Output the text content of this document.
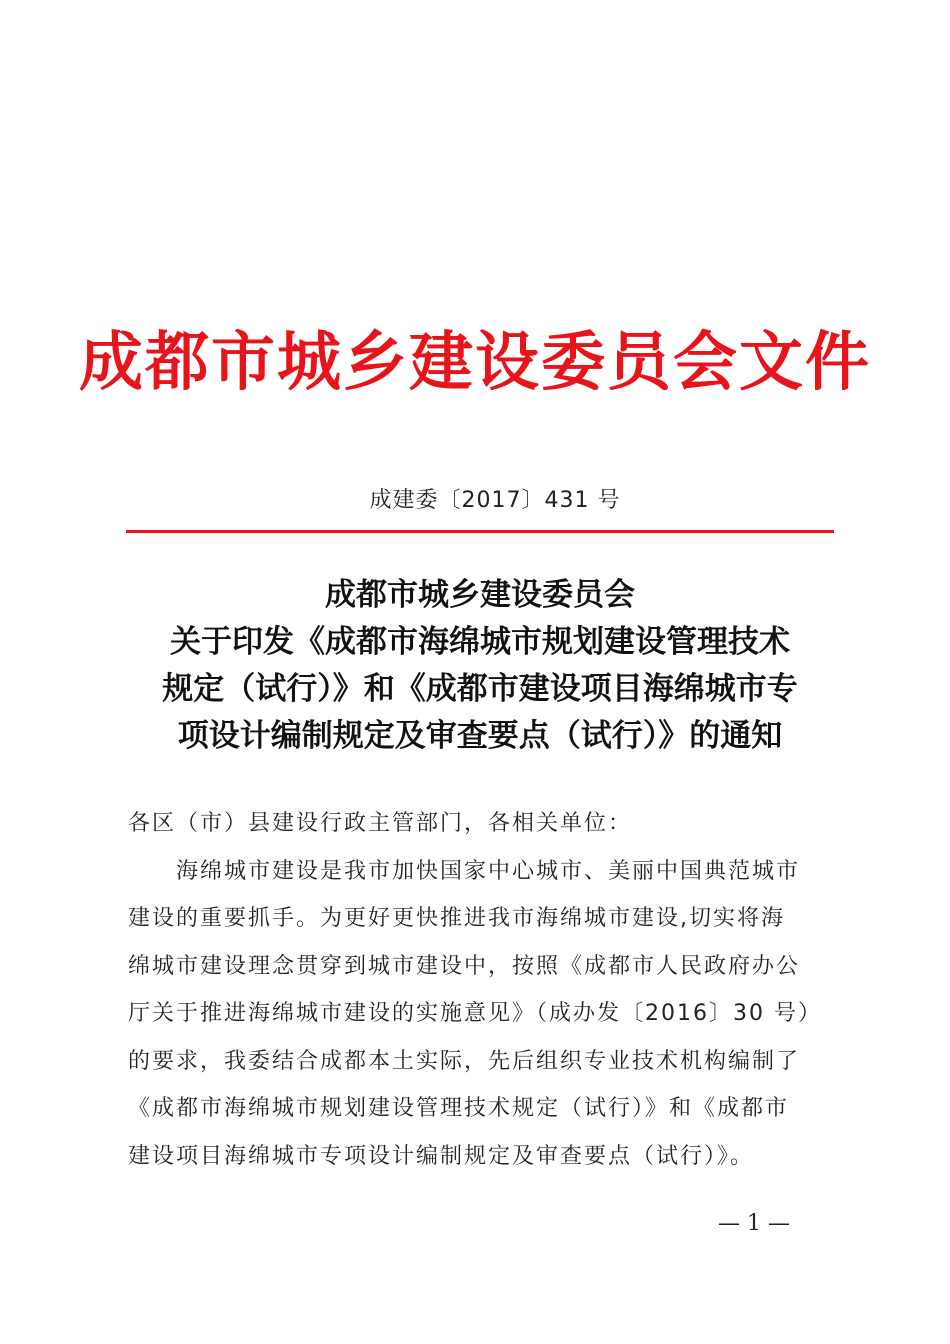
成都市城乡建设委员会文件
成建委〔2017〕431 号
成都市城乡建设委员会
关于印发《成都市海绵城市规划建设管理技术
规定（试行）》和《成都市建设项目海绵城市专
项设计编制规定及审查要点（试行）》的通知
各区（市）县建设行政主管部门，各相关单位：
　　海绵城市建设是我市加快国家中心城市、美丽中国典范城市
建设的重要抓手。为更好更快推进我市海绵城市建设,切实将海
绵城市建设理念贯穿到城市建设中，按照《成都市人民政府办公
厅关于推进海绵城市建设的实施意见》（成办发〔2016〕30 号）
的要求，我委结合成都本土实际，先后组织专业技术机构编制了
《成都市海绵城市规划建设管理技术规定（试行）》和《成都市
建设项目海绵城市专项设计编制规定及审查要点（试行）》。
— 1 —
